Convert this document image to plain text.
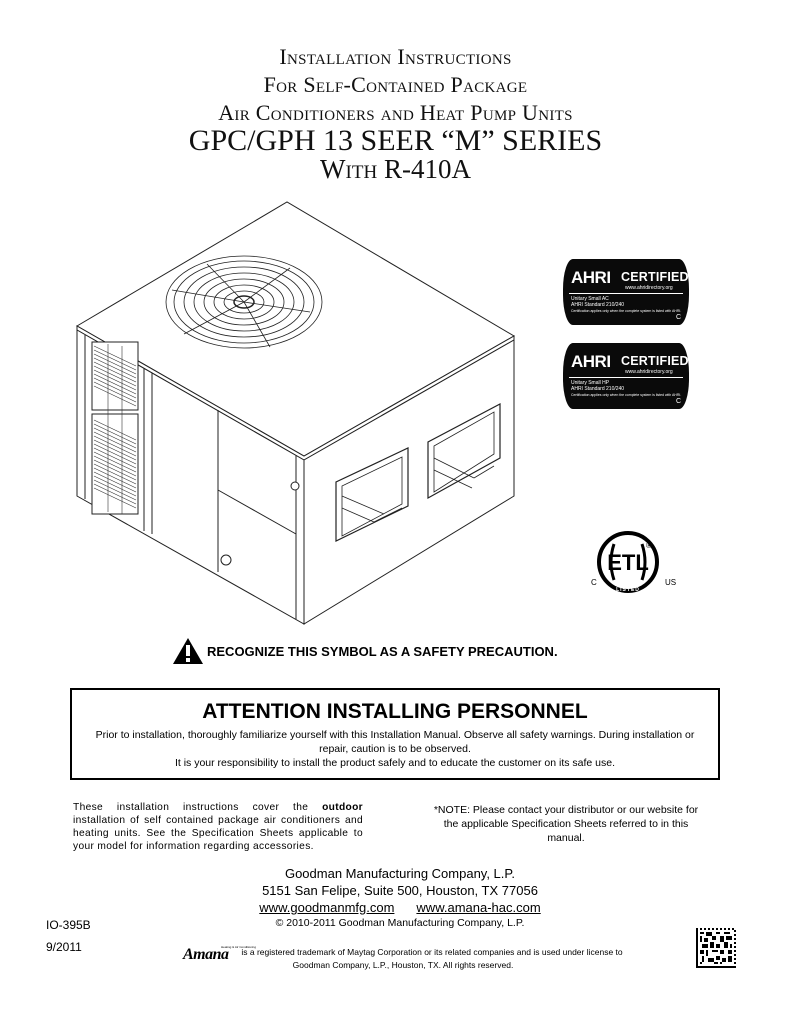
Installation Instructions
For Self-Contained Package
Air Conditioners and Heat Pump Units
GPC/GPH 13 SEER “M” SERIES
With R-410A
AHRI CERTIFIED™
www.ahridirectory.org
Unitary Small AC
AHRI Standard 210/240
Certification applies only when the complete system is listed with AHRI.
C
AHRI CERTIFIED™
www.ahridirectory.org
Unitary Small HP
AHRI Standard 210/240
Certification applies only when the complete system is listed with AHRI.
C
ETL
®
LISTED
C	US
RECOGNIZE THIS SYMBOL AS A SAFETY PRECAUTION.
ATTENTION INSTALLING PERSONNEL
Prior to installation, thoroughly familiarize yourself with this Installation Manual. Observe all safety warnings. During installation or repair, caution is to be observed.
It is your responsibility to install the product safely and to educate the customer on its safe use.
These installation instructions cover the outdoor installation of self contained package air conditioners and heating units. See the Specification Sheets applicable to your model for information regarding accessories.
*NOTE: Please contact your distributor or our website for the applicable Specification Sheets referred to in this manual.
Goodman Manufacturing Company, L.P.
5151 San Felipe, Suite 500, Houston, TX 77056
www.goodmanmfg.com www.amana-hac.com
© 2010-2011 Goodman Manufacturing Company, L.P.
IO-395B
9/2011	Amana
Heating & Air Conditioning
is a registered trademark of Maytag Corporation or its related companies and is used under license to Goodman Company, L.P., Houston, TX. All rights reserved.
